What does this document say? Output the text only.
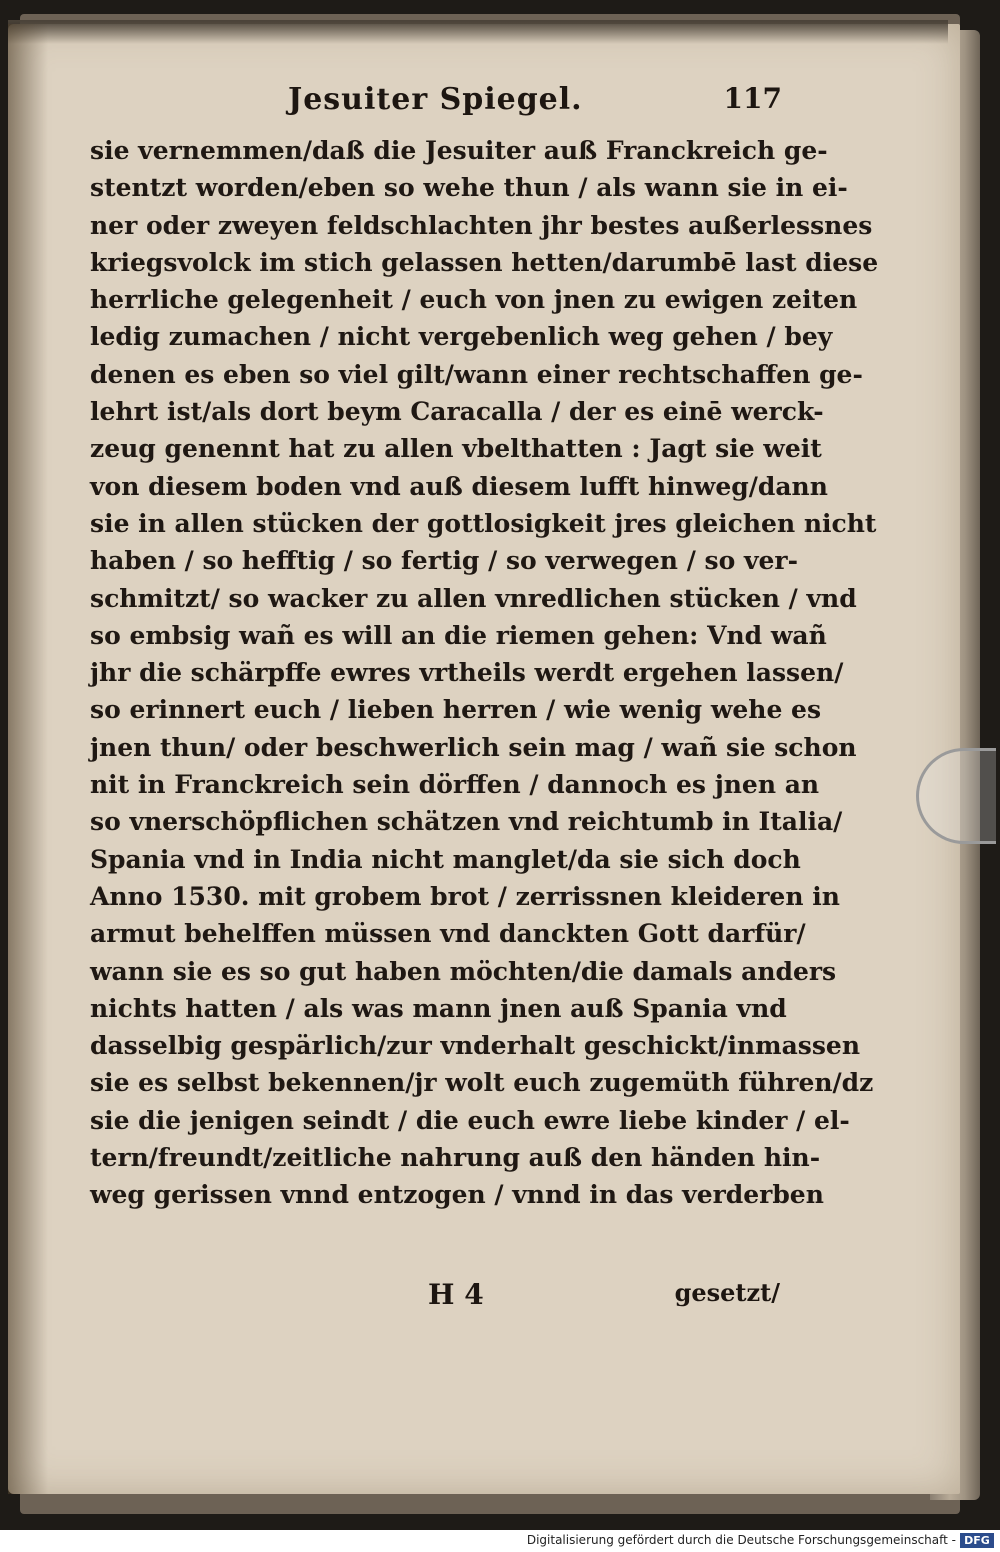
Jesuiter Spiegel.	117
sie vernemmen/daß die Jesuiter auß Franckreich ge-
stentzt worden/eben so wehe thun / als wann sie in ei-
ner oder zweyen feldschlachten jhr bestes außerlessnes
kriegsvolck im stich gelassen hetten/darumbē last diese
herrliche gelegenheit / euch von jnen zu ewigen zeiten
ledig zumachen / nicht vergebenlich weg gehen / bey
denen es eben so viel gilt/wann einer rechtschaffen ge-
lehrt ist/als dort beym Caracalla / der es einē werck-
zeug genennt hat zu allen vbelthatten : Jagt sie weit
von diesem boden vnd auß diesem lufft hinweg/dann
sie in allen stücken der gottlosigkeit jres gleichen nicht
haben / so hefftig / so fertig / so verwegen / so ver-
schmitzt/ so wacker zu allen vnredlichen stücken / vnd
so embsig wañ es will an die riemen gehen: Vnd wañ
jhr die schärpffe ewres vrtheils werdt ergehen lassen/
so erinnert euch / lieben herren / wie wenig wehe es
jnen thun/ oder beschwerlich sein mag / wañ sie schon
nit in Franckreich sein dörffen / dannoch es jnen an
so vnerschöpflichen schätzen vnd reichtumb in Italia/
Spania vnd in India nicht manglet/da sie sich doch
Anno 1530. mit grobem brot / zerrissnen kleideren in
armut behelffen müssen vnd danckten Gott darfür/
wann sie es so gut haben möchten/die damals anders
nichts hatten / als was mann jnen auß Spania vnd
dasselbig gespärlich/zur vnderhalt geschickt/inmassen
sie es selbst bekennen/jr wolt euch zugemüth führen/dz
sie die jenigen seindt / die euch ewre liebe kinder / el-
tern/freundt/zeitliche nahrung auß den händen hin-
weg gerissen vnnd entzogen / vnnd in das verderben
H 4	gesetzt/
Digitalisierung gefördert durch die Deutsche Forschungsgemeinschaft - DFG
